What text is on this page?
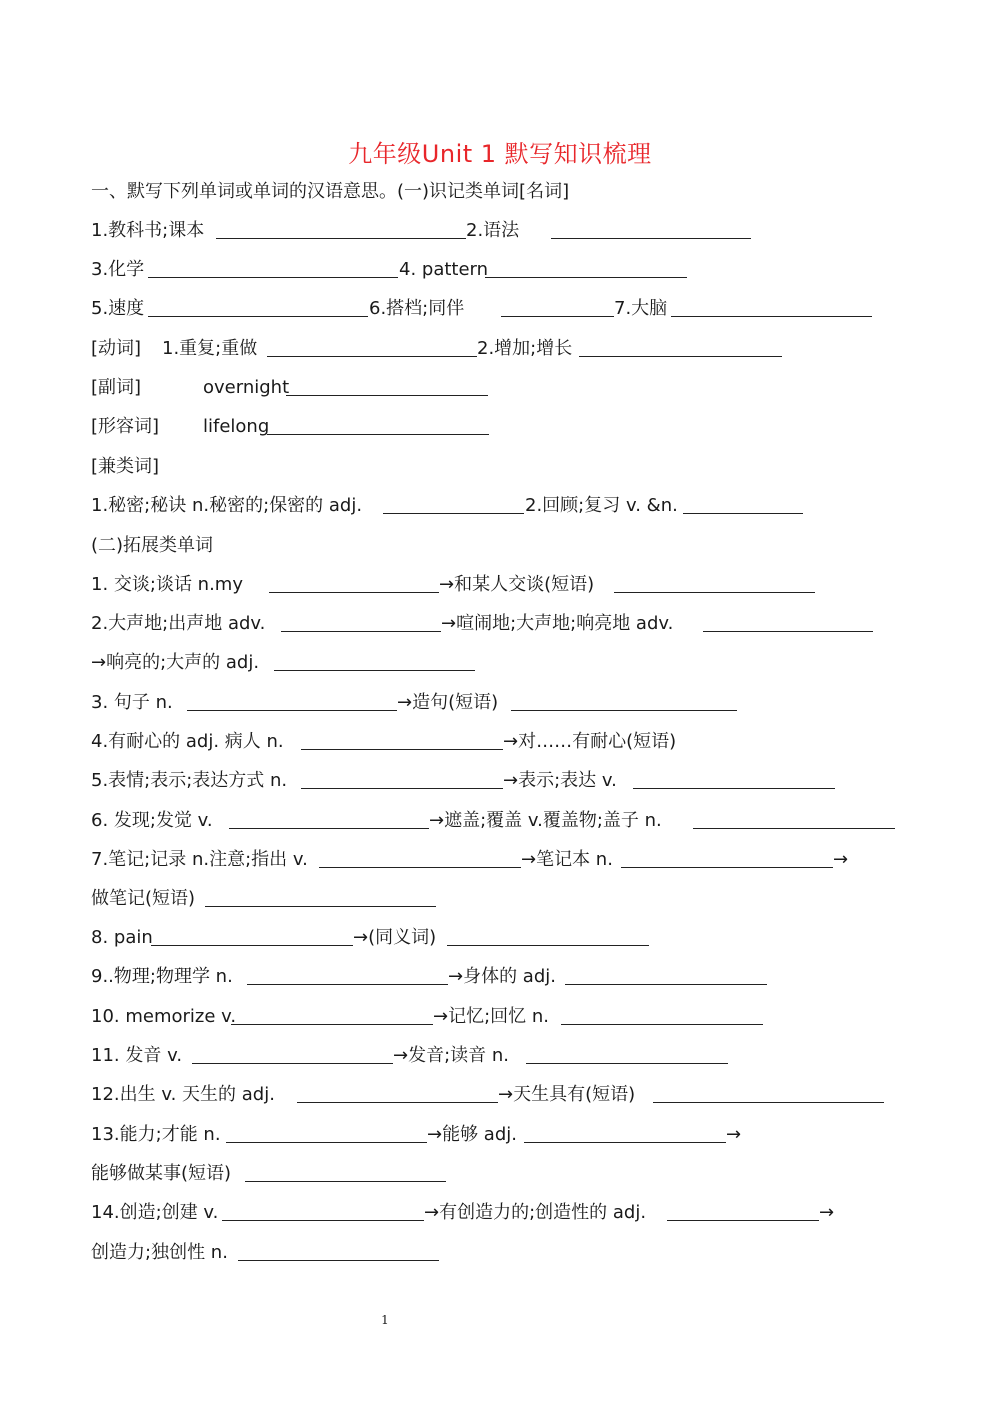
九年级Unit 1 默写知识梳理
一、默写下列单词或单词的汉语意思。(一)识记类单词[名词]
1.教科书;课本	2.语法
3.化学	4. pattern
5.速度	6.搭档;同伴	7.大脑
[动词] 1.重复;重做	2.增加;增长
[副词]	overnight
[形容词] lifelong
[兼类词]
1.秘密;秘诀 n.秘密的;保密的 adj.	2.回顾;复习 v. &n.
(二)拓展类单词
1. 交谈;谈话 n.my	→和某人交谈(短语)
2.大声地;出声地 adv.	→喧闹地;大声地;响亮地 adv.
→响亮的;大声的 adj.
3. 句子 n.	→造句(短语)
4.有耐心的 adj. 病人 n.	→对……有耐心(短语)
5.表情;表示;表达方式 n.	→表示;表达 v.
6. 发现;发觉 v.	→遮盖;覆盖 v.覆盖物;盖子 n.
7.笔记;记录 n.注意;指出 v.	→笔记本 n.	→
做笔记(短语)
8. pain	→(同义词)
9..物理;物理学 n.	→身体的 adj.
10. memorize v.	→记忆;回忆 n.
11. 发音 v.	→发音;读音 n.
12.出生 v. 天生的 adj.	→天生具有(短语)
13.能力;才能 n.	→能够 adj.	→
能够做某事(短语)
14.创造;创建 v.	→有创造力的;创造性的 adj.	→
创造力;独创性 n.
1
